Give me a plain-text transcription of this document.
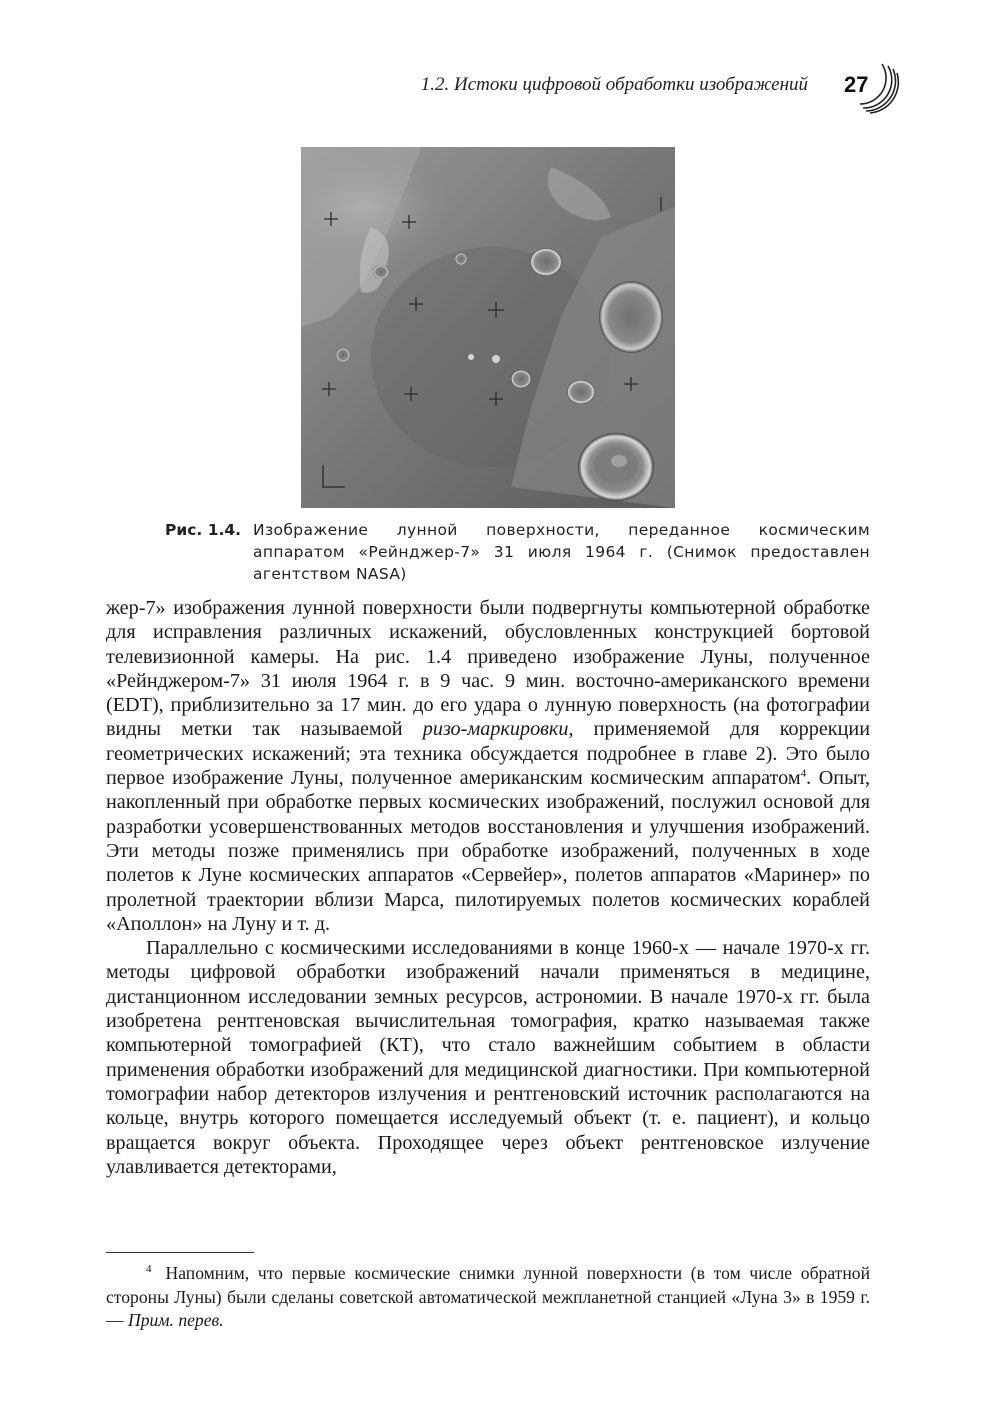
1.2. Истоки цифровой обработки изображений 27
Рис. 1.4. Изображение лунной поверхности, переданное космическим аппаратом «Рейнджер-7» 31 июля 1964 г. (Снимок предоставлен агентством NASA)

жер-7» изображения лунной поверхности были подвергнуты компьютерной обработке для исправления различных искажений, обусловленных конструкцией бортовой телевизионной камеры. На рис. 1.4 приведено изображение Луны, полученное «Рейнджером-7» 31 июля 1964 г. в 9 час. 9 мин. восточно-американского времени (EDT), приблизительно за 17 мин. до его удара о лунную поверхность (на фотографии видны метки так называемой ризо-маркировки, применяемой для коррекции геометрических искажений; эта техника обсуждается подробнее в главе 2). Это было первое изображение Луны, полученное американским космическим аппаратом$^4$. Опыт, накопленный при обработке первых космических изображений, послужил основой для разработки усовершенствованных методов восстановления и улучшения изображений. Эти методы позже применялись при обработке изображений, полученных в ходе полетов к Луне космических аппаратов «Сервейер», полетов аппаратов «Маринер» по пролетной траектории вблизи Марса, пилотируемых полетов космических кораблей «Аполлон» на Луну и т. д.

Параллельно с космическими исследованиями в конце 1960-х — начале 1970-х гг. методы цифровой обработки изображений начали применяться в медицине, дистанционном исследовании земных ресурсов, астрономии. В начале 1970-х гг. была изобретена рентгеновская вычислительная томография, кратко называемая также компьютерной томографией (КТ), что стало важнейшим событием в области применения обработки изображений для медицинской диагностики. При компьютерной томографии набор детекторов излучения и рентгеновский источник располагаются на кольце, внутрь которого помещается исследуемый объект (т. е. пациент), и кольцо вращается вокруг объекта. Проходящее через объект рентгеновское излучение улавливается детекторами,

$^4$ Напомним, что первые космические снимки лунной поверхности (в том числе обратной стороны Луны) были сделаны советской автоматической межпланетной станцией «Луна 3» в 1959 г. — Прим. перев.
